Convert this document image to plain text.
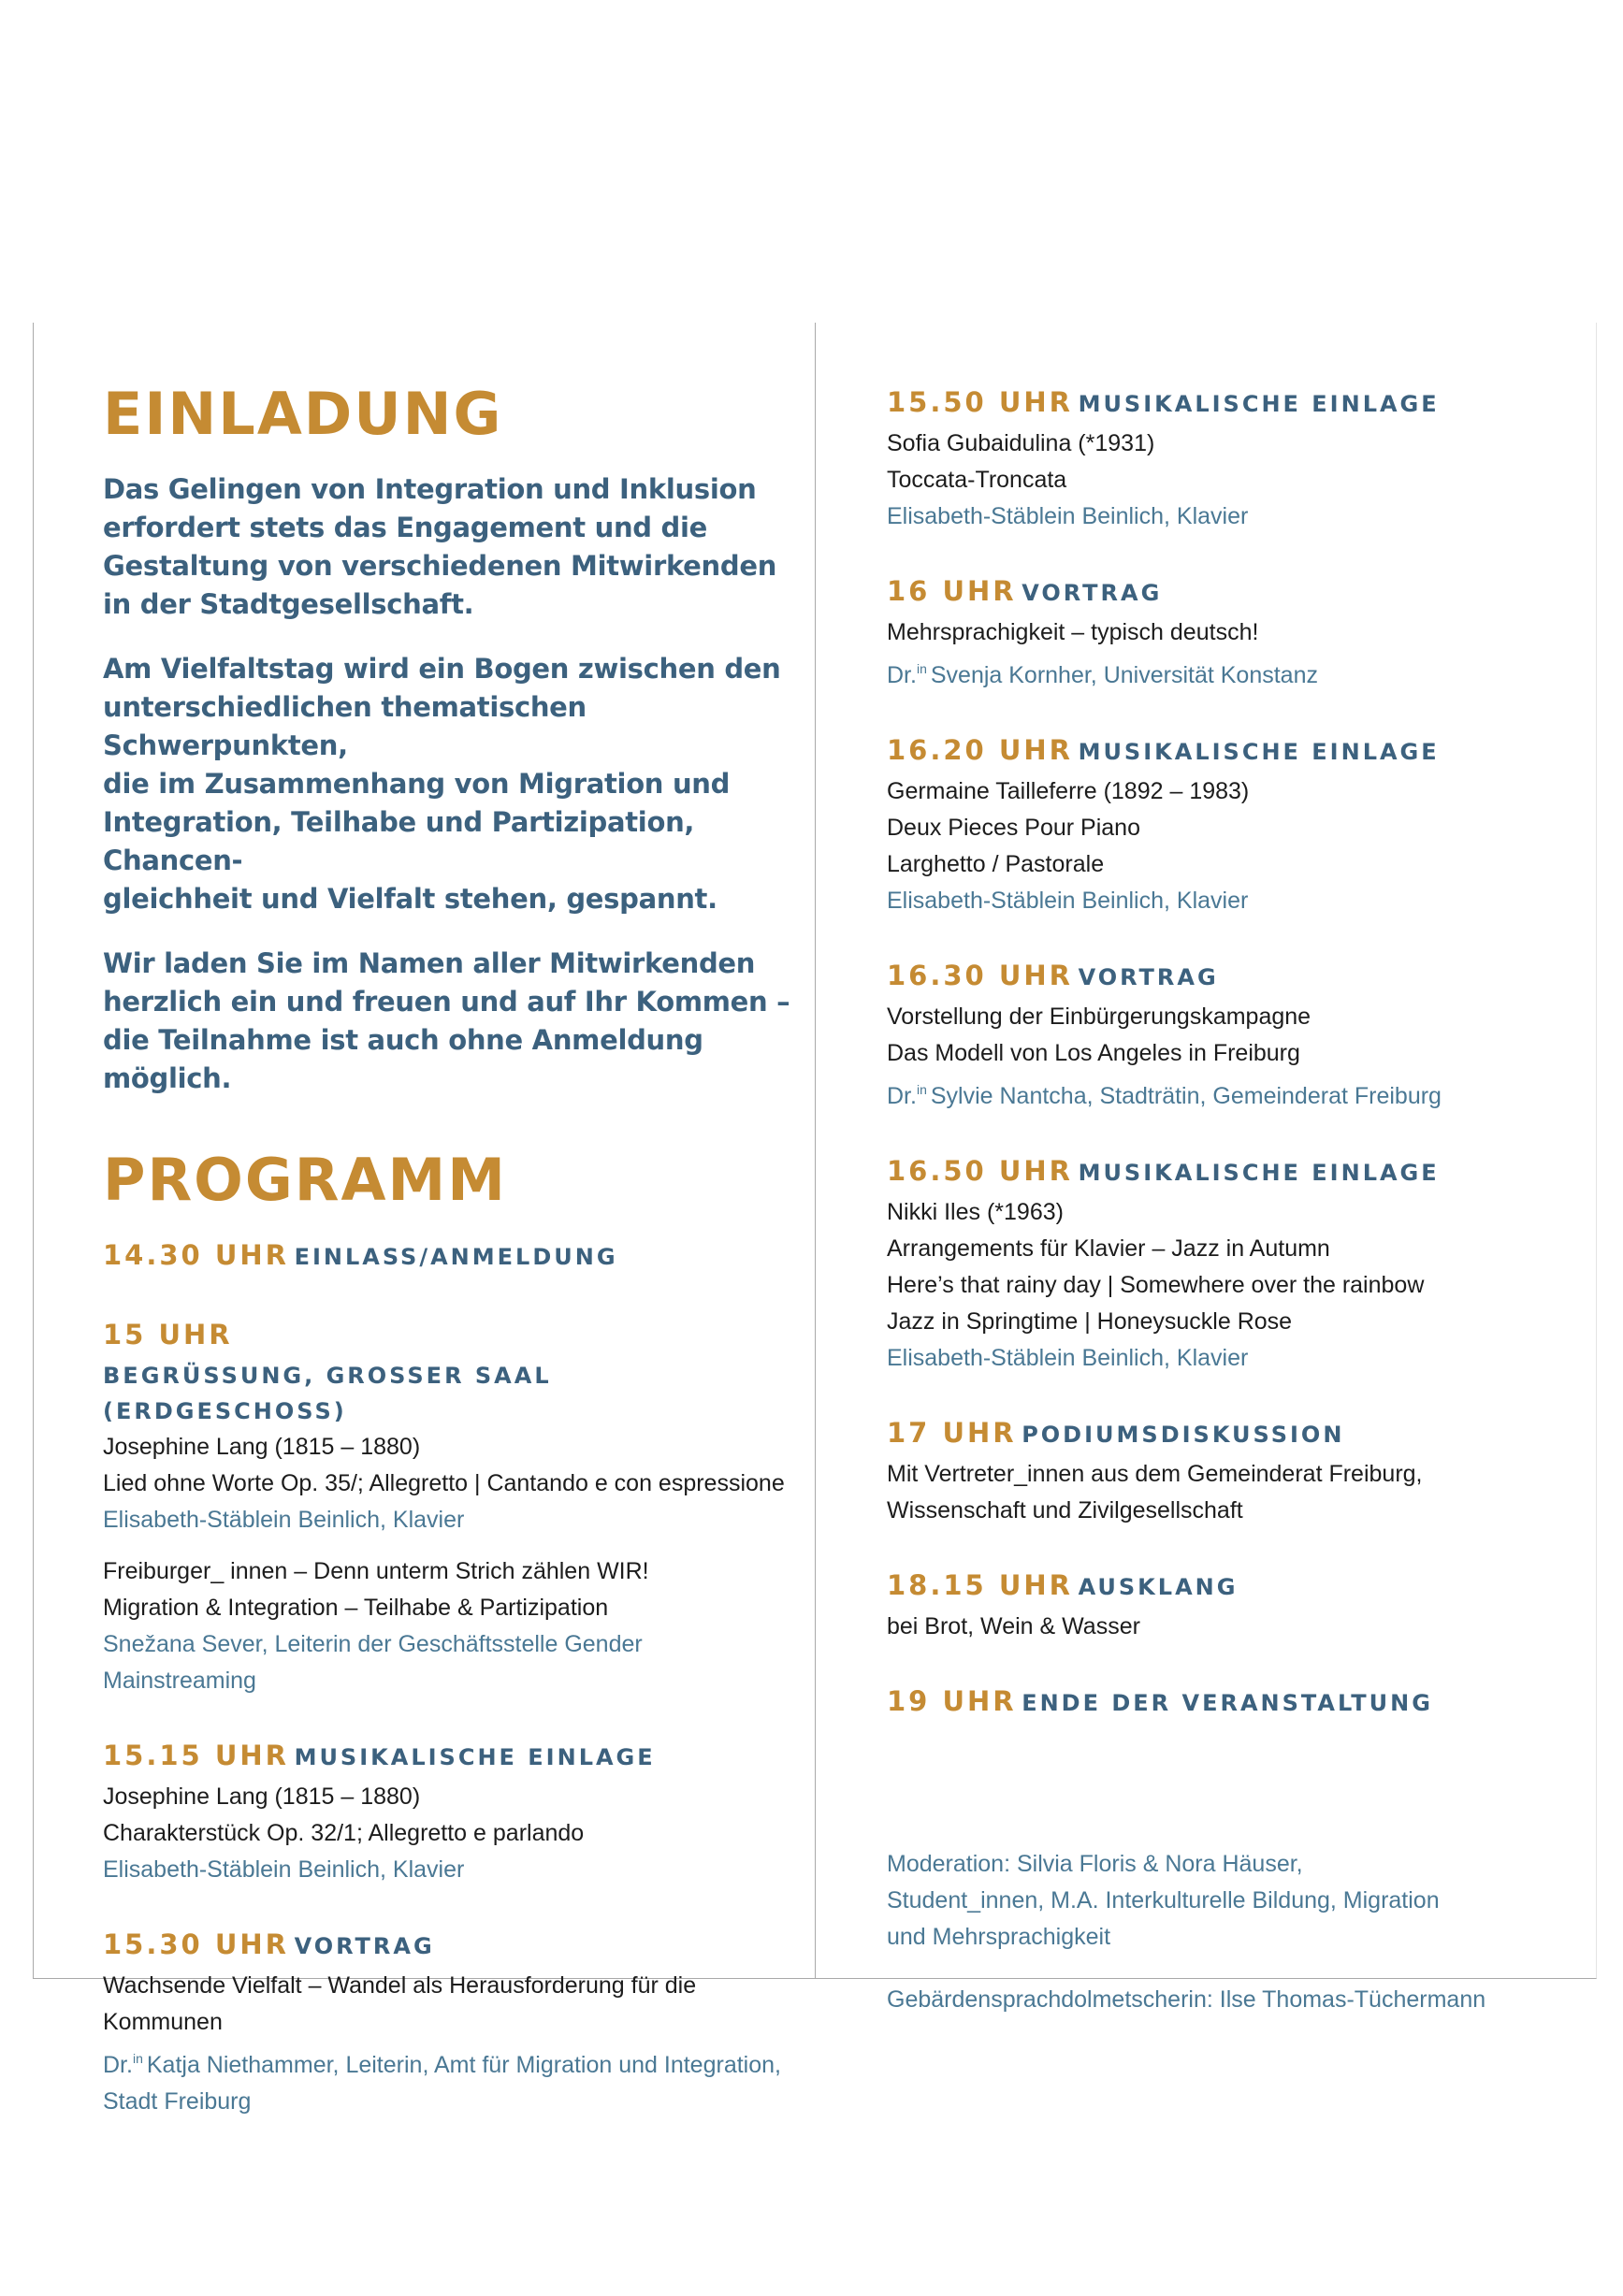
EINLADUNG

Das Gelingen von Integration und Inklusion
erfordert stets das Engagement und die
Gestaltung von verschiedenen Mitwirkenden
in der Stadtgesellschaft.

Am Vielfaltstag wird ein Bogen zwischen den
unterschiedlichen thematischen Schwerpunkten,
die im Zusammenhang von Migration und
Integration, Teilhabe und Partizipation, Chancen-
gleichheit und Vielfalt stehen, gespannt.

Wir laden Sie im Namen aller Mitwirkenden
herzlich ein und freuen und auf Ihr Kommen –
die Teilnahme ist auch ohne Anmeldung möglich.

PROGRAMM
14.30 UHR EINLASS/ANMELDUNG
15 UHR
BEGRÜSSUNG, GROSSER SAAL (ERDGESCHOSS)
Josephine Lang (1815 – 1880)
Lied ohne Worte Op. 35/; Allegretto | Cantando e con espressione
Elisabeth-Stäblein Beinlich, Klavier
Freiburger_ innen – Denn unterm Strich zählen WIR!
Migration & Integration – Teilhabe & Partizipation
Snežana Sever, Leiterin der Geschäftsstelle Gender Mainstreaming
15.15 UHR MUSIKALISCHE EINLAGE
Josephine Lang (1815 – 1880)
Charakterstück Op. 32/1; Allegretto e parlando
Elisabeth-Stäblein Beinlich, Klavier
15.30 UHR VORTRAG
Wachsende Vielfalt – Wandel als Herausforderung für die Kommunen
Dr.$^{in}$ Katja Niethammer, Leiterin, Amt für Migration und Integration,
Stadt Freiburg
15.50 UHR MUSIKALISCHE EINLAGE
Sofia Gubaidulina (*1931)
Toccata-Troncata
Elisabeth-Stäblein Beinlich, Klavier
16 UHR VORTRAG
Mehrsprachigkeit – typisch deutsch!
Dr.$^{in}$ Svenja Kornher, Universität Konstanz
16.20 UHR MUSIKALISCHE EINLAGE
Germaine Tailleferre (1892 – 1983)
Deux Pieces Pour Piano
Larghetto / Pastorale
Elisabeth-Stäblein Beinlich, Klavier
16.30 UHR VORTRAG
Vorstellung der Einbürgerungskampagne
Das Modell von Los Angeles in Freiburg
Dr.$^{in}$ Sylvie Nantcha, Stadträtin, Gemeinderat Freiburg
16.50 UHR MUSIKALISCHE EINLAGE
Nikki Iles (*1963)
Arrangements für Klavier – Jazz in Autumn
Here’s that rainy day | Somewhere over the rainbow
Jazz in Springtime | Honeysuckle Rose
Elisabeth-Stäblein Beinlich, Klavier
17 UHR PODIUMSDISKUSSION
Mit Vertreter_innen aus dem Gemeinderat Freiburg,
Wissenschaft und Zivilgesellschaft
18.15 UHR AUSKLANG
bei Brot, Wein & Wasser
19 UHR ENDE DER VERANSTALTUNG
Moderation: Silvia Floris & Nora Häuser,
Student_innen, M.A. Interkulturelle Bildung, Migration
und Mehrsprachigkeit
Gebärdensprachdolmetscherin: Ilse Thomas-Tüchermann
